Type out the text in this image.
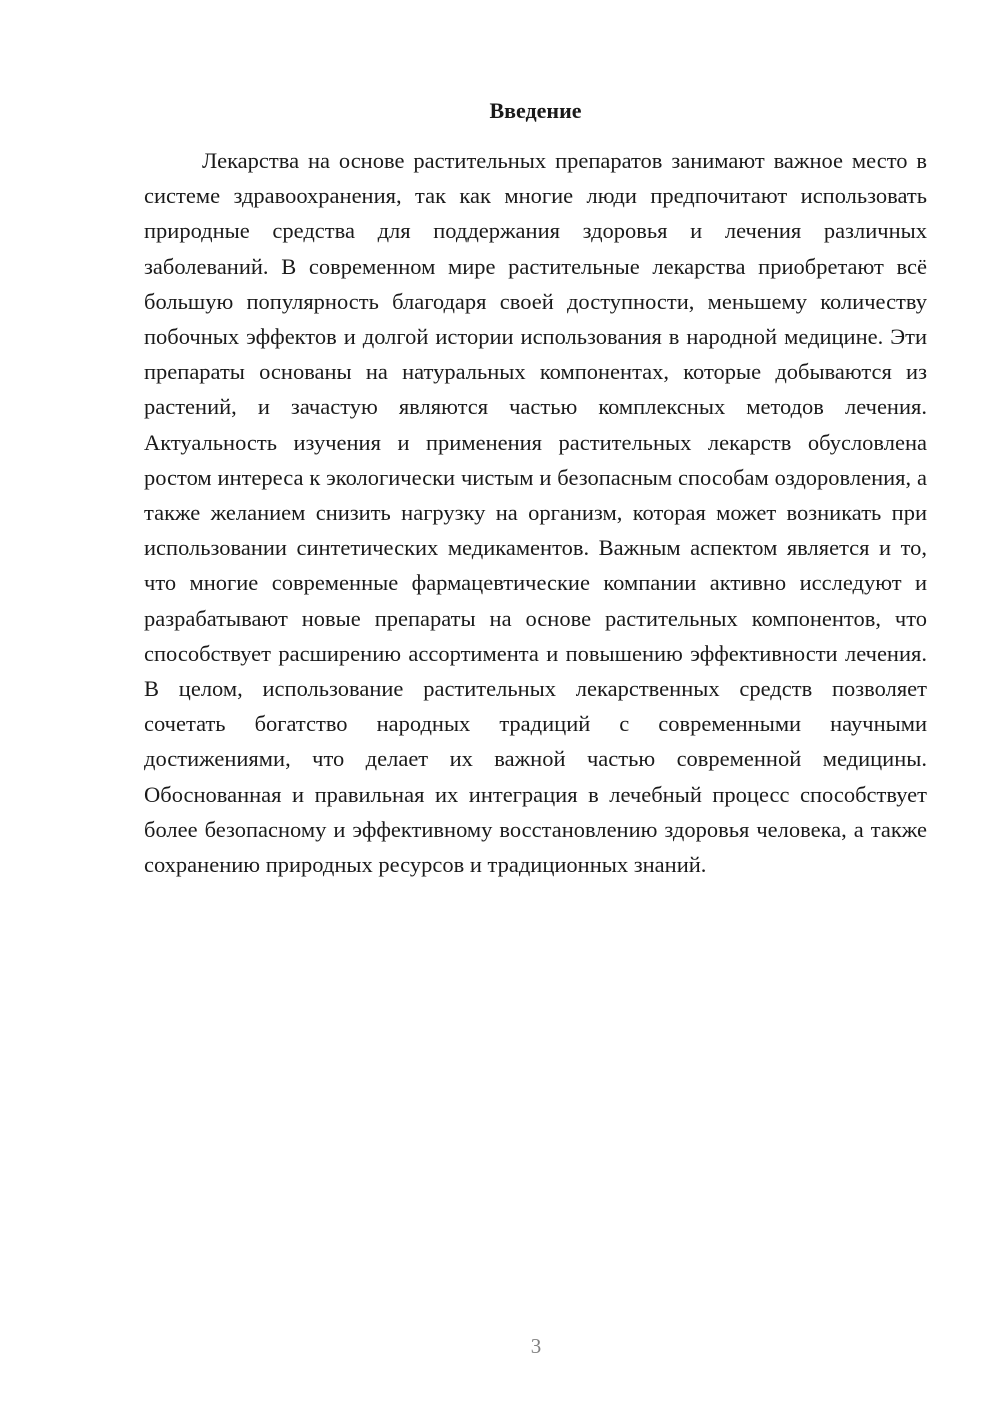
Введение

Лекарства на основе растительных препаратов занимают важное место в системе здравоохранения, так как многие люди предпочитают использовать природные средства для поддержания здоровья и лечения различных заболеваний. В современном мире растительные лекарства приобретают всё большую популярность благодаря своей доступности, меньшему количеству побочных эффектов и долгой истории использования в народной медицине. Эти препараты основаны на натуральных компонентах, которые добываются из растений, и зачастую являются частью комплексных методов лечения. Актуальность изучения и применения растительных лекарств обусловлена ростом интереса к экологически чистым и безопасным способам оздоровления, а также желанием снизить нагрузку на организм, которая может возникать при использовании синтетических медикаментов. Важным аспектом является и то, что многие современные фармацевтические компании активно исследуют и разрабатывают новые препараты на основе растительных компонентов, что способствует расширению ассортимента и повышению эффективности лечения. В целом, использование растительных лекарственных средств позволяет сочетать богатство народных традиций с современными научными достижениями, что делает их важной частью современной медицины. Обоснованная и правильная их интеграция в лечебный процесс способствует более безопасному и эффективному восстановлению здоровья человека, а также сохранению природных ресурсов и традиционных знаний.

3
